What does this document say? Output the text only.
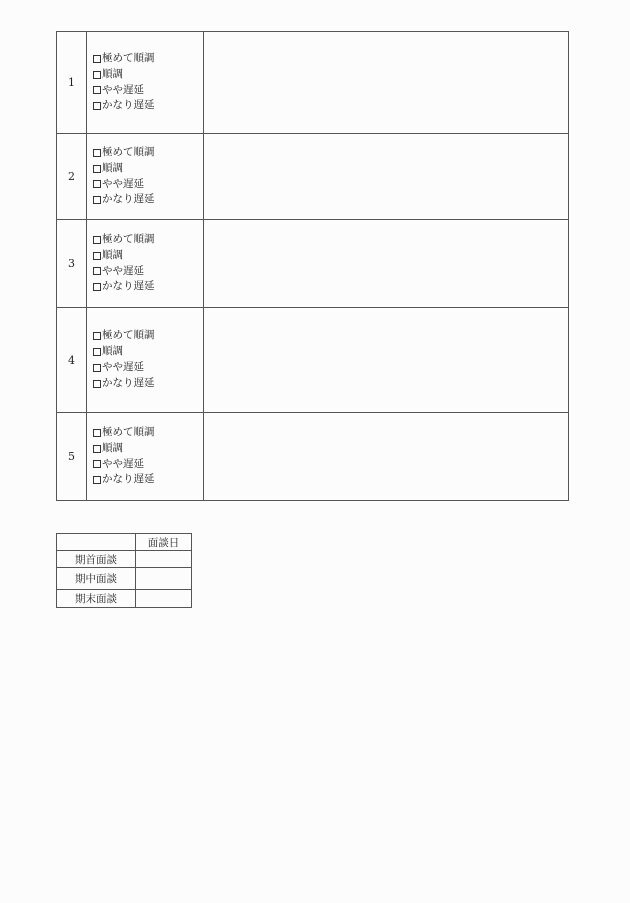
1	極めて順調
順調
やや遅延
かなり遅延	

2	極めて順調
順調
やや遅延
かなり遅延	

3	極めて順調
順調
やや遅延
かなり遅延	

4	極めて順調
順調
やや遅延
かなり遅延	

5	極めて順調
順調
やや遅延
かなり遅延	

	面談日
期首面談	
期中面談	
期末面談	
